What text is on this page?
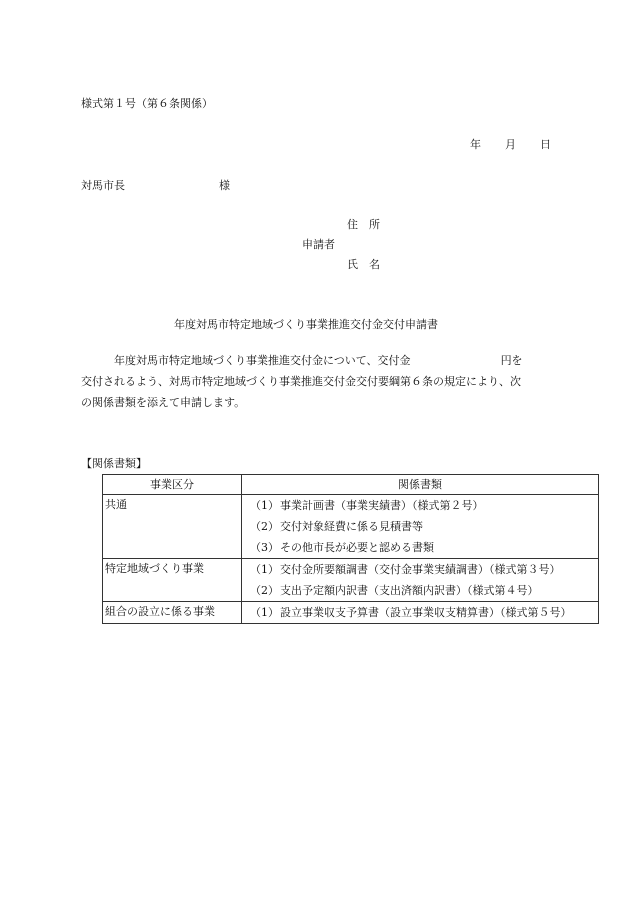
様式第１号（第６条関係）
年 月 日
対馬市長	様
住　所
申請者
氏　名
年度対馬市特定地域づくり事業推進交付金交付申請書
年度対馬市特定地域づくり事業推進交付金について、交付金	円を
交付されるよう、対馬市特定地域づくり事業推進交付金交付要綱第６条の規定により、次
の関係書類を添えて申請します。
【関係書類】
事業区分	関係書類
共通	（1）事業計画書（事業実績書）（様式第２号）
（2）交付対象経費に係る見積書等
（3）その他市長が必要と認める書類

特定地域づくり事業	（1）交付金所要額調書（交付金事業実績調書）（様式第３号）
（2）支出予定額内訳書（支出済額内訳書）（様式第４号）

組合の設立に係る事業	（1）設立事業収支予算書（設立事業収支精算書）（様式第５号）
